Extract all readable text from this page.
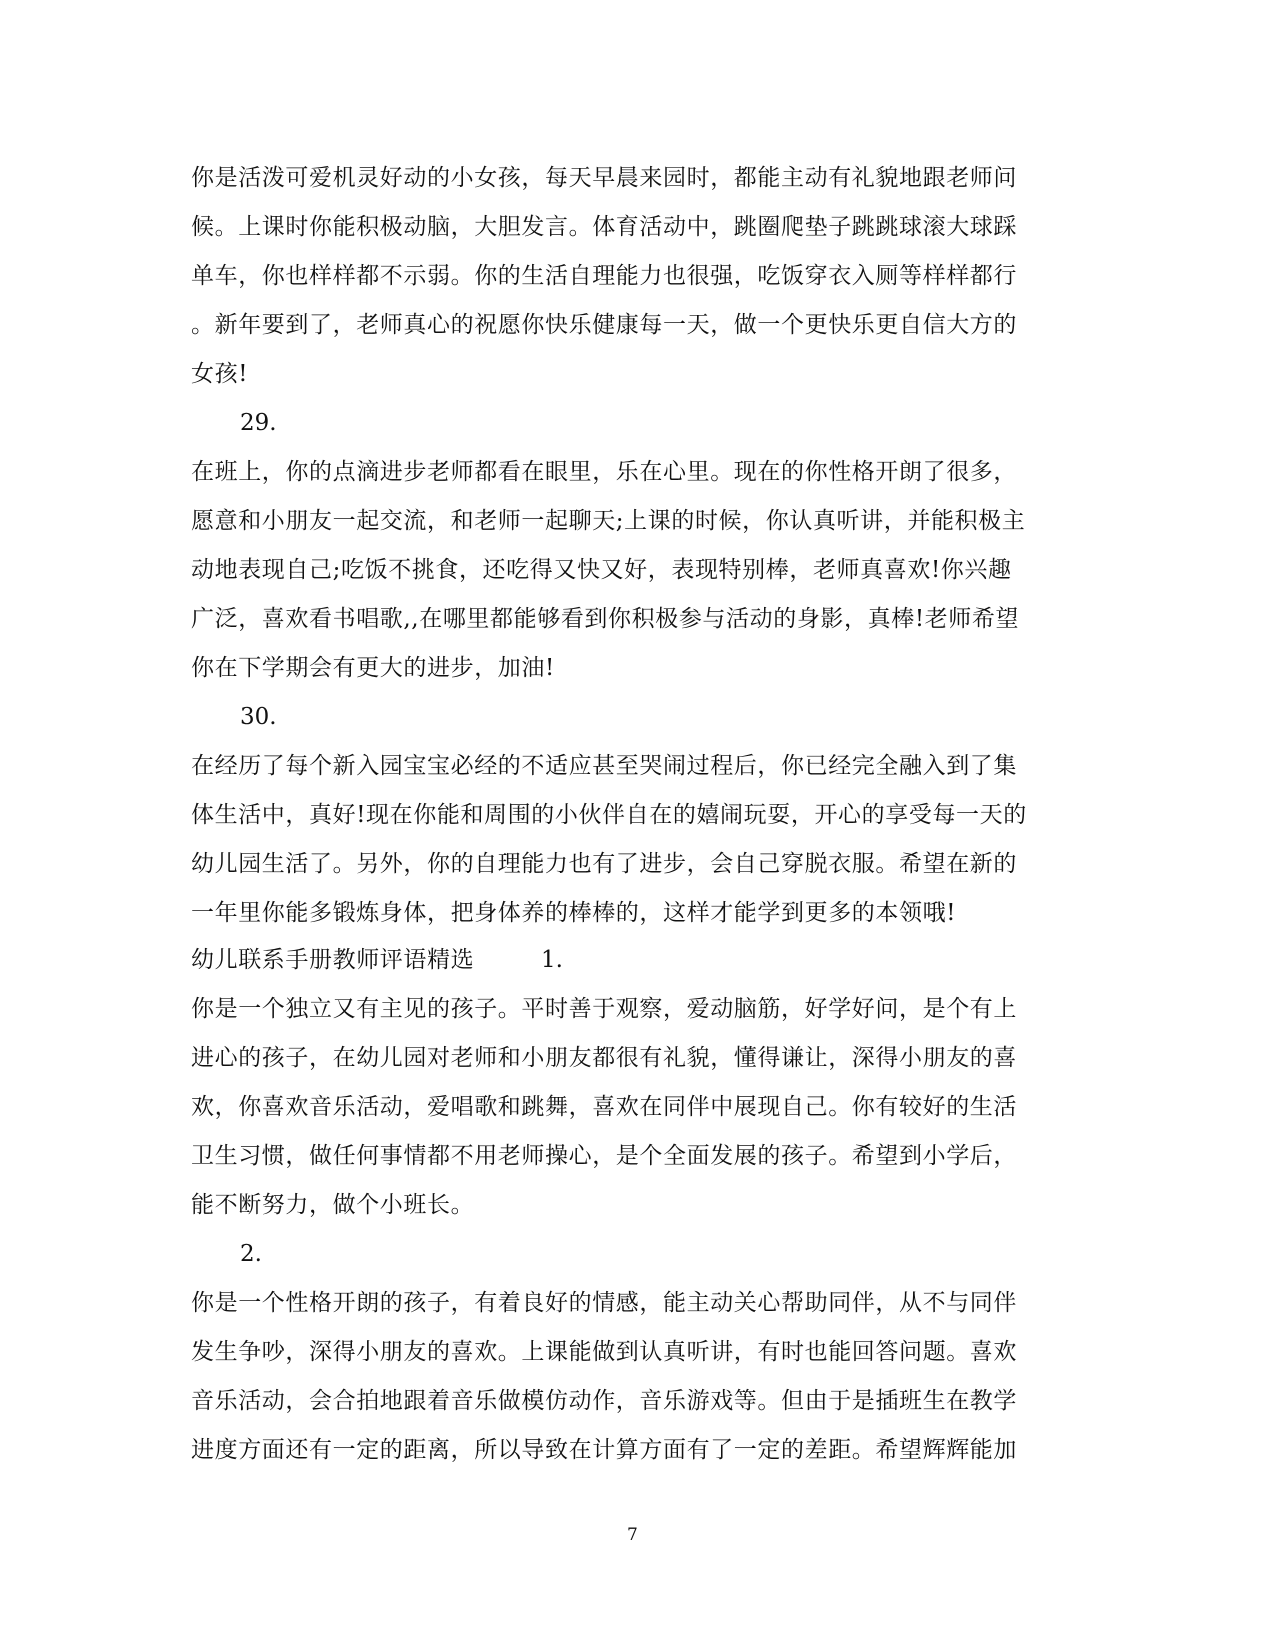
你是活泼可爱机灵好动的小女孩，每天早晨来园时，都能主动有礼貌地跟老师问
候。上课时你能积极动脑，大胆发言。体育活动中，跳圈爬垫子跳跳球滚大球踩
单车，你也样样都不示弱。你的生活自理能力也很强，吃饭穿衣入厕等样样都行
。新年要到了，老师真心的祝愿你快乐健康每一天，做一个更快乐更自信大方的
女孩!
29.
在班上，你的点滴进步老师都看在眼里，乐在心里。现在的你性格开朗了很多，
愿意和小朋友一起交流，和老师一起聊天;上课的时候，你认真听讲，并能积极主
动地表现自己;吃饭不挑食，还吃得又快又好，表现特别棒，老师真喜欢!你兴趣
广泛，喜欢看书唱歌,,在哪里都能够看到你积极参与活动的身影，真棒!老师希望
你在下学期会有更大的进步，加油!
30.
在经历了每个新入园宝宝必经的不适应甚至哭闹过程后，你已经完全融入到了集
体生活中，真好!现在你能和周围的小伙伴自在的嬉闹玩耍，开心的享受每一天的
幼儿园生活了。另外，你的自理能力也有了进步，会自己穿脱衣服。希望在新的
一年里你能多锻炼身体，把身体养的棒棒的，这样才能学到更多的本领哦!
幼儿联系手册教师评语精选	1.
你是一个独立又有主见的孩子。平时善于观察，爱动脑筋，好学好问，是个有上
进心的孩子，在幼儿园对老师和小朋友都很有礼貌，懂得谦让，深得小朋友的喜
欢，你喜欢音乐活动，爱唱歌和跳舞，喜欢在同伴中展现自己。你有较好的生活
卫生习惯，做任何事情都不用老师操心，是个全面发展的孩子。希望到小学后，
能不断努力，做个小班长。
2.
你是一个性格开朗的孩子，有着良好的情感，能主动关心帮助同伴，从不与同伴
发生争吵，深得小朋友的喜欢。上课能做到认真听讲，有时也能回答问题。喜欢
音乐活动，会合拍地跟着音乐做模仿动作，音乐游戏等。但由于是插班生在教学
进度方面还有一定的距离，所以导致在计算方面有了一定的差距。希望辉辉能加
7
